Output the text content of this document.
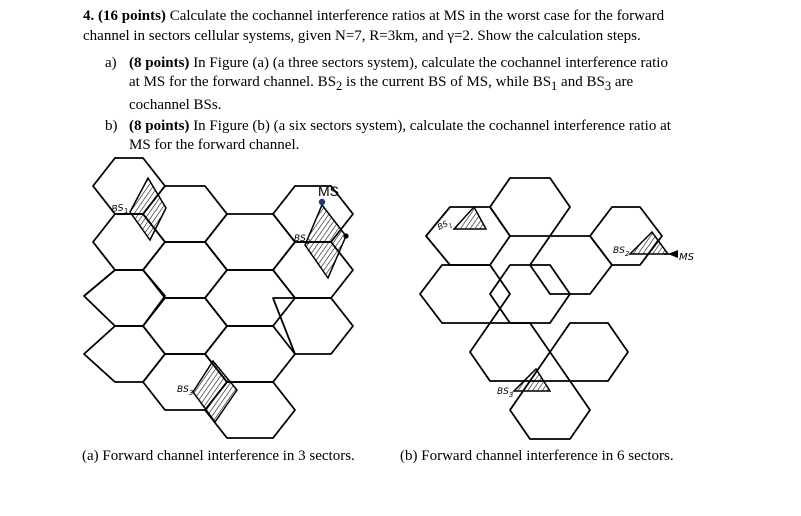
4. (16 points) Calculate the cochannel interference ratios at MS in the worst case for the forward
channel in sectors cellular systems, given N=7, R=3km, and γ=2. Show the calculation steps.
a) (8 points) In Figure (a) (a three sectors system), calculate the cochannel interference ratio
at MS for the forward channel. $BS_2$ is the current BS of MS, while $BS_1$ and $BS_3$ are
cochannel BSs.
b) (8 points) In Figure (b) (a six sectors system), calculate the cochannel interference ratio at
MS for the forward channel.
MS
$BS_1$
$BS_2$
$BS_3$
MS
$BS_1$
$BS_2$
$BS_3$
(a) Forward channel interference in 3 sectors.	(b) Forward channel interference in 6 sectors.
